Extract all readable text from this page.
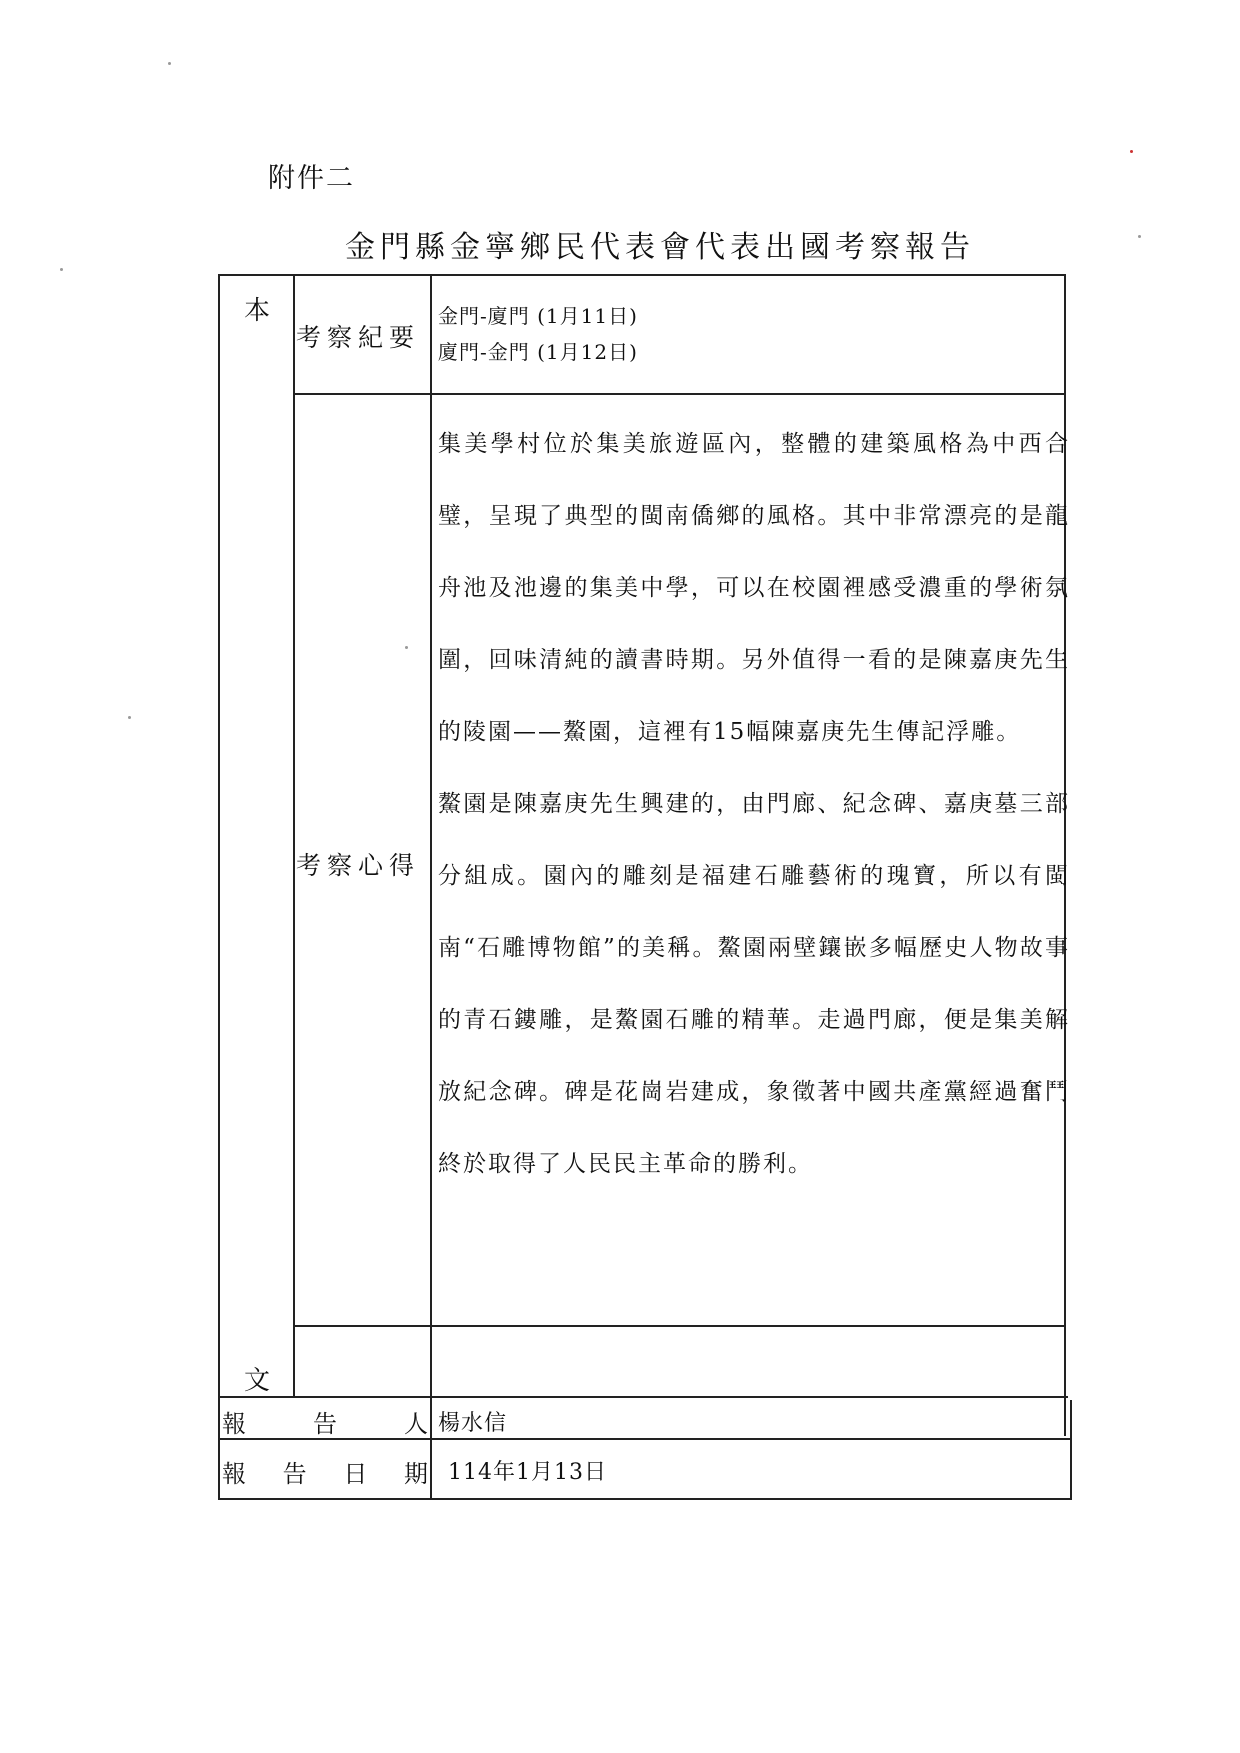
附件二
金門縣金寧鄉民代表會代表出國考察報告
本
文
考察紀要
金門-廈門 (1月11日)
廈門-金門 (1月12日)
考察心得

集美學村位於集美旅遊區內，整體的建築風格為中西合璧，呈現了典型的閩南僑鄉的風格。其中非常漂亮的是龍舟池及池邊的集美中學，可以在校園裡感受濃重的學術氛圍，回味清純的讀書時期。另外值得一看的是陳嘉庚先生的陵園——鰲園，這裡有15幅陳嘉庚先生傳記浮雕。

鰲園是陳嘉庚先生興建的，由門廊、紀念碑、嘉庚墓三部分組成。園內的雕刻是福建石雕藝術的瑰寶，所以有閩南“石雕博物館”的美稱。鰲園兩壁鑲嵌多幅歷史人物故事的青石鏤雕，是鰲園石雕的精華。走過門廊，便是集美解放紀念碑。碑是花崗岩建成，象徵著中國共產黨經過奮鬥終於取得了人民民主革命的勝利。

報	告	人 楊水信
報 告 日 期 114年1月13日
